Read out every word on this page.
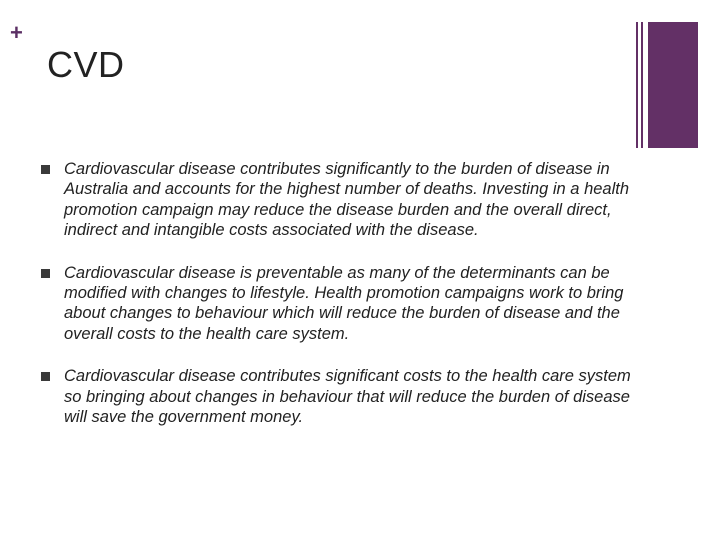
+
CVD
Cardiovascular disease contributes significantly to the burden of disease in Australia and accounts for the highest number of deaths. Investing in a health promotion campaign may reduce the disease burden and the overall direct, indirect and intangible costs associated with the disease.
Cardiovascular disease is preventable as many of the determinants can be modified with changes to lifestyle. Health promotion campaigns work to bring about changes to behaviour which will reduce the burden of disease and the overall costs to the health care system.
Cardiovascular disease contributes significant costs to the health care system so bringing about changes in behaviour that will reduce the burden of disease will save the government money.
